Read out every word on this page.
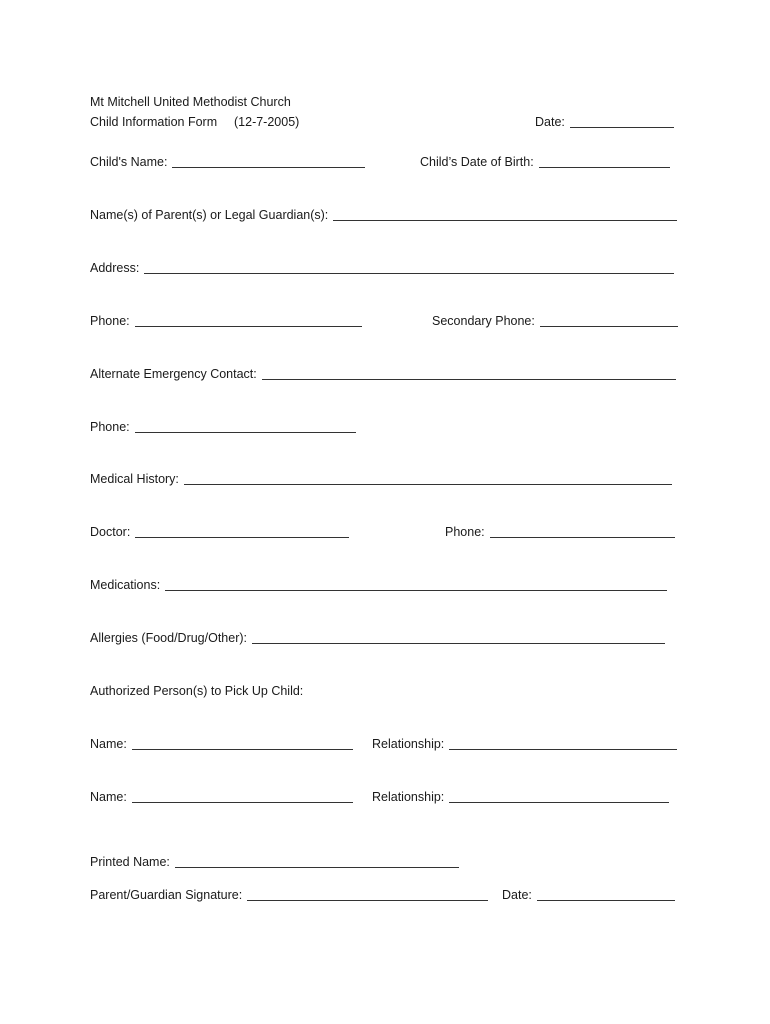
Mt Mitchell United Methodist Church
Child Information Form (12-7-2005)	Date:
Child's Name:	Child’s Date of Birth:
Name(s) of Parent(s) or Legal Guardian(s):
Address:
Phone:	Secondary Phone:
Alternate Emergency Contact:
Phone:
Medical History:
Doctor:	Phone:
Medications:
Allergies (Food/Drug/Other):
Authorized Person(s) to Pick Up Child:
Name:	Relationship:
Name:	Relationship:
Printed Name:
Parent/Guardian Signature:	Date:
